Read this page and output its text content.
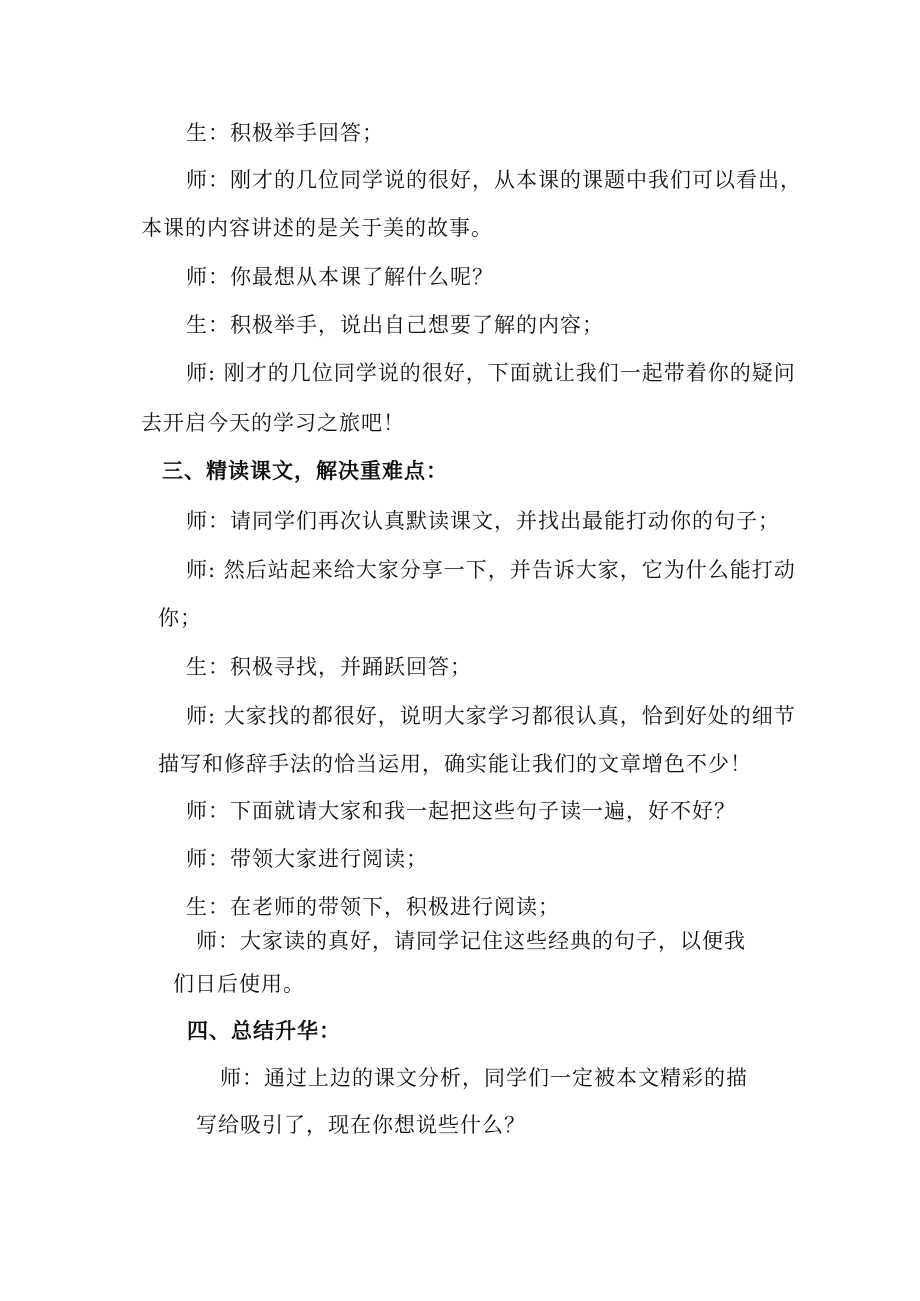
生：积极举手回答；
师：刚才的几位同学说的很好，从本课的课题中我们可以看出，
本课的内容讲述的是关于美的故事。
师：你最想从本课了解什么呢？
生：积极举手，说出自己想要了解的内容；
师: 刚才的几位同学说的很好，下面就让我们一起带着你的疑问
去开启今天的学习之旅吧！
三、精读课文，解决重难点：
师：请同学们再次认真默读课文，并找出最能打动你的句子；
师: 然后站起来给大家分享一下，并告诉大家，它为什么能打动
你；
生：积极寻找，并踊跃回答；
师: 大家找的都很好，说明大家学习都很认真，恰到好处的细节
描写和修辞手法的恰当运用，确实能让我们的文章增色不少！
师：下面就请大家和我一起把这些句子读一遍，好不好？
师：带领大家进行阅读；
生：在老师的带领下，积极进行阅读；
师：大家读的真好，请同学记住这些经典的句子，以便我
们日后使用。
四、总结升华：
师：通过上边的课文分析，同学们一定被本文精彩的描
写给吸引了，现在你想说些什么？
